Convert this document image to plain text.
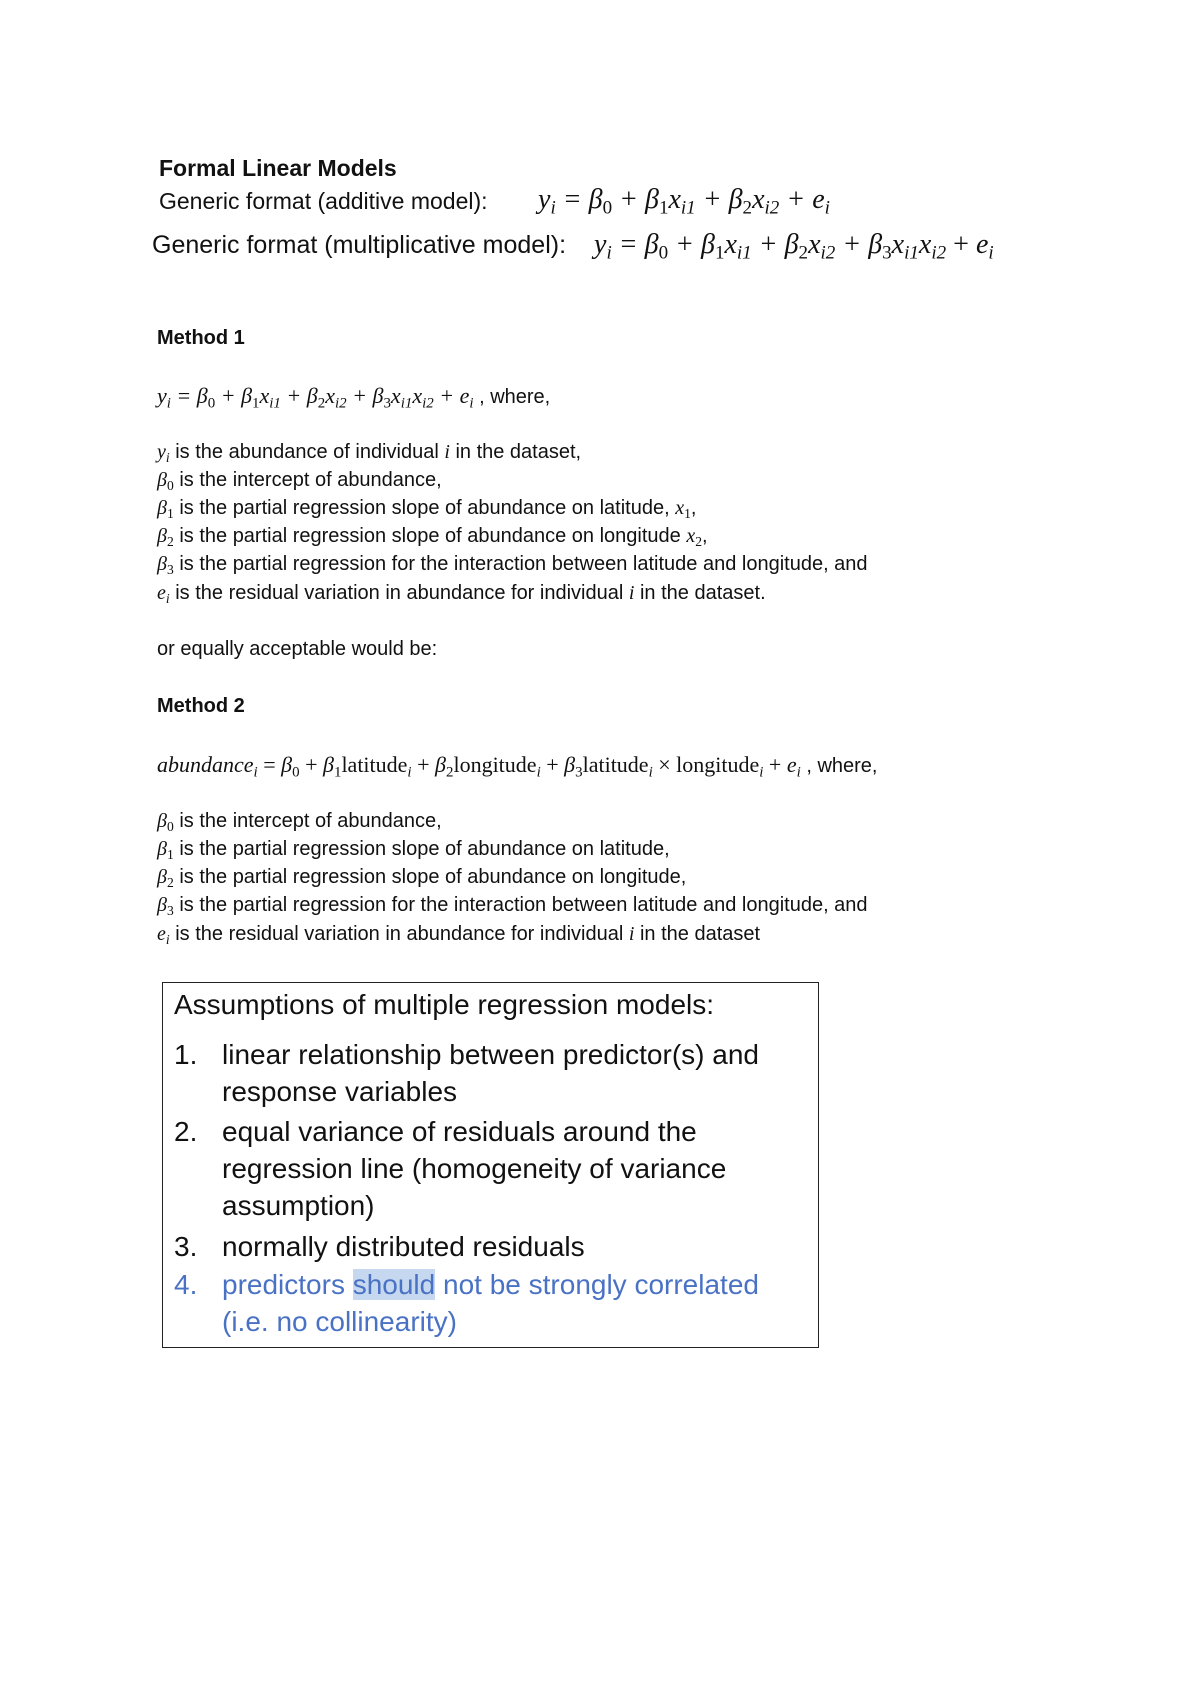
Formal Linear Models
Generic format (additive model): $y_i = \beta_0 + \beta_1x_{i1} + \beta_2x_{i2} + e_i$
Generic format (multiplicative model): $y_i = \beta_0 + \beta_1x_{i1} + \beta_2x_{i2} + \beta_3x_{i1}x_{i2} + e_i$
Method 1
$y_i = \beta_0 + \beta_1x_{i1} + \beta_2x_{i2} + \beta_3x_{i1}x_{i2} + e_i$ , where,
$y_i$ is the abundance of individual i in the dataset,
$\beta_0$ is the intercept of abundance,
$\beta_1$ is the partial regression slope of abundance on latitude, $x_1$,
$\beta_2$ is the partial regression slope of abundance on longitude $x_2$,
$\beta_3$ is the partial regression for the interaction between latitude and longitude, and
$e_i$ is the residual variation in abundance for individual i in the dataset.
or equally acceptable would be:
Method 2
abundance$_i$ = $\beta_0$ + $\beta_1latitude_i$ + $\beta_2longitude_i$ + $\beta_3latitude_i$ × longitude$_i$ + $e_i$ , where,
$\beta_0$ is the intercept of abundance,
$\beta_1$ is the partial regression slope of abundance on latitude,
$\beta_2$ is the partial regression slope of abundance on longitude,
$\beta_3$ is the partial regression for the interaction between latitude and longitude, and
$e_i$ is the residual variation in abundance for individual i in the dataset
Assumptions of multiple regression models:
1. linear relationship between predictor(s) and response variables
2. equal variance of residuals around the regression line (homogeneity of variance assumption)
3. normally distributed residuals
4. predictors should not be strongly correlated (i.e. no collinearity)
